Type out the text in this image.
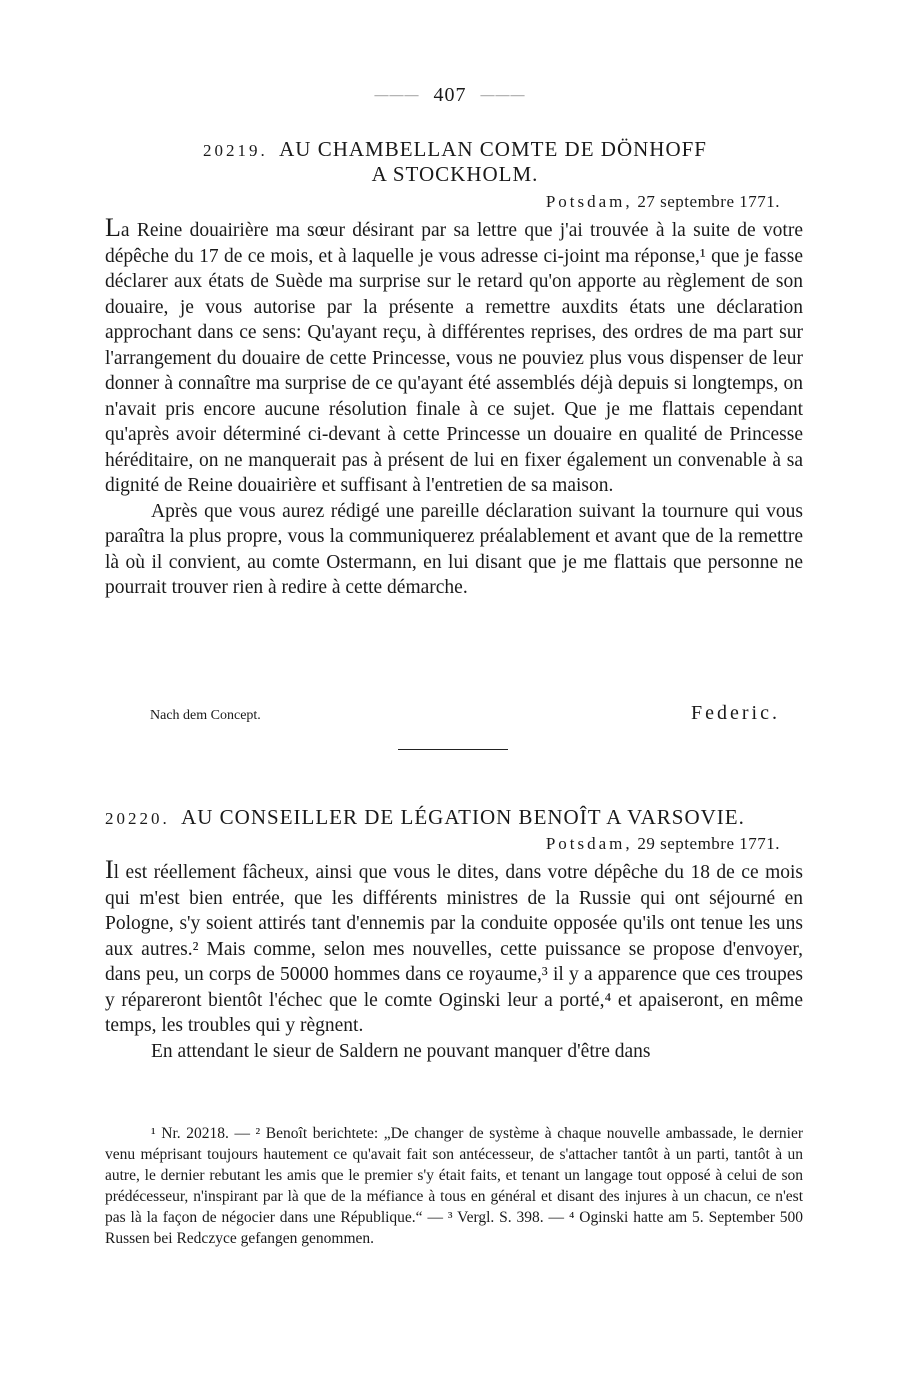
——— 407 ———
20219. AU CHAMBELLAN COMTE DE DÖNHOFF
A STOCKHOLM.
Potsdam, 27 septembre 1771.

La Reine douairière ma sœur désirant par sa lettre que j'ai trouvée à la suite de votre dépêche du 17 de ce mois, et à laquelle je vous adresse ci-joint ma réponse,¹ que je fasse déclarer aux états de Suède ma surprise sur le retard qu'on apporte au règlement de son douaire, je vous autorise par la présente a remettre auxdits états une déclaration approchant dans ce sens: Qu'ayant reçu, à différentes reprises, des ordres de ma part sur l'arrangement du douaire de cette Princesse, vous ne pouviez plus vous dispenser de leur donner à connaître ma surprise de ce qu'ayant été assemblés déjà depuis si longtemps, on n'avait pris encore aucune résolution finale à ce sujet. Que je me flattais cependant qu'après avoir déterminé ci-devant à cette Princesse un douaire en qualité de Princesse héréditaire, on ne manquerait pas à présent de lui en fixer également un convenable à sa dignité de Reine douairière et suffisant à l'entretien de sa maison.

Après que vous aurez rédigé une pareille déclaration suivant la tournure qui vous paraîtra la plus propre, vous la communiquerez préalablement et avant que de la remettre là où il convient, au comte Ostermann, en lui disant que je me flattais que personne ne pourrait trouver rien à redire à cette démarche.

Nach dem Concept.	Federic.
20220. AU CONSEILLER DE LÉGATION BENOÎT A VARSOVIE.
Potsdam, 29 septembre 1771.

Il est réellement fâcheux, ainsi que vous le dites, dans votre dépêche du 18 de ce mois qui m'est bien entrée, que les différents ministres de la Russie qui ont séjourné en Pologne, s'y soient attirés tant d'ennemis par la conduite opposée qu'ils ont tenue les uns aux autres.² Mais comme, selon mes nouvelles, cette puissance se propose d'envoyer, dans peu, un corps de 50000 hommes dans ce royaume,³ il y a apparence que ces troupes y répareront bientôt l'échec que le comte Oginski leur a porté,⁴ et apaiseront, en même temps, les troubles qui y règnent.

En attendant le sieur de Saldern ne pouvant manquer d'être dans

¹ Nr. 20218. — ² Benoît berichtete: „De changer de système à chaque nouvelle ambassade, le dernier venu méprisant toujours hautement ce qu'avait fait son antécesseur, de s'attacher tantôt à un parti, tantôt à un autre, le dernier rebutant les amis que le premier s'y était faits, et tenant un langage tout opposé à celui de son prédécesseur, n'inspirant par là que de la méfiance à tous en général et disant des injures à un chacun, ce n'est pas là la façon de négocier dans une République.“ — ³ Vergl. S. 398. — ⁴ Oginski hatte am 5. September 500 Russen bei Redczyce gefangen genommen.
